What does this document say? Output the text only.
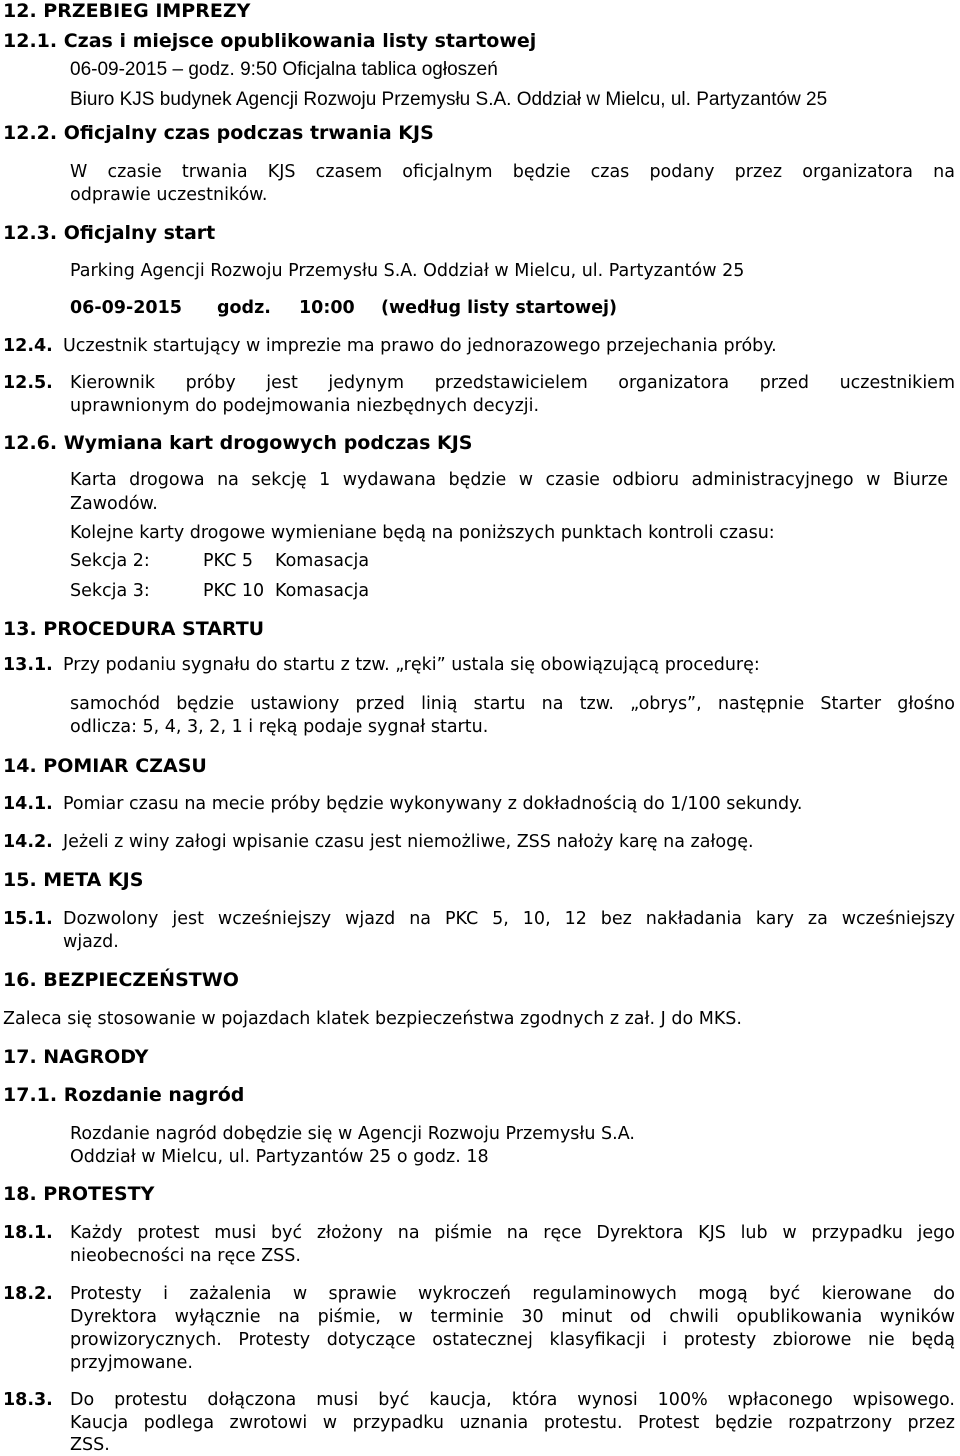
12. PRZEBIEG IMPREZY
12.1. Czas i miejsce opublikowania listy startowej
06-09-2015 – godz. 9:50 Oficjalna tablica ogłoszeń
Biuro KJS budynek Agencji Rozwoju Przemysłu S.A. Oddział w Mielcu, ul. Partyzantów 25
12.2. Oficjalny czas podczas trwania KJS
W czasie trwania KJS czasem oficjalnym będzie czas podany przez organizatora na
odprawie uczestników.
12.3. Oficjalny start
Parking Agencji Rozwoju Przemysłu S.A. Oddział w Mielcu, ul. Partyzantów 25
06-09-2015 godz. 10:00 (według listy startowej)
12.4. Uczestnik startujący w imprezie ma prawo do jednorazowego przejechania próby.
12.5. Kierownik próby jest jedynym przedstawicielem organizatora przed uczestnikiem
uprawnionym do podejmowania niezbędnych decyzji.
12.6. Wymiana kart drogowych podczas KJS
Karta drogowa na sekcję 1 wydawana będzie w czasie odbioru administracyjnego w Biurze
Zawodów.
Kolejne karty drogowe wymieniane będą na poniższych punktach kontroli czasu:
Sekcja 2:	PKC 5 Komasacja
Sekcja 3:	PKC 10 Komasacja
13. PROCEDURA STARTU
13.1. Przy podaniu sygnału do startu z tzw. „ręki” ustala się obowiązującą procedurę:
samochód będzie ustawiony przed linią startu na tzw. „obrys”, następnie Starter głośno
odlicza: 5, 4, 3, 2, 1 i ręką podaje sygnał startu.
14. POMIAR CZASU
14.1. Pomiar czasu na mecie próby będzie wykonywany z dokładnością do 1/100 sekundy.
14.2. Jeżeli z winy załogi wpisanie czasu jest niemożliwe, ZSS nałoży karę na załogę.
15. META KJS
15.1. Dozwolony jest wcześniejszy wjazd na PKC 5, 10, 12 bez nakładania kary za wcześniejszy
wjazd.
16. BEZPIECZEŃSTWO
Zaleca się stosowanie w pojazdach klatek bezpieczeństwa zgodnych z zał. J do MKS.
17. NAGRODY
17.1. Rozdanie nagród
Rozdanie nagród dobędzie się w Agencji Rozwoju Przemysłu S.A.
Oddział w Mielcu, ul. Partyzantów 25 o godz. 18
18. PROTESTY
18.1. Każdy protest musi być złożony na piśmie na ręce Dyrektora KJS lub w przypadku jego
nieobecności na ręce ZSS.
18.2. Protesty i zażalenia w sprawie wykroczeń regulaminowych mogą być kierowane do
Dyrektora wyłącznie na piśmie, w terminie 30 minut od chwili opublikowania wyników
prowizorycznych. Protesty dotyczące ostatecznej klasyfikacji i protesty zbiorowe nie będą
przyjmowane.
18.3. Do protestu dołączona musi być kaucja, która wynosi 100% wpłaconego wpisowego.
Kaucja podlega zwrotowi w przypadku uznania protestu. Protest będzie rozpatrzony przez
ZSS.
